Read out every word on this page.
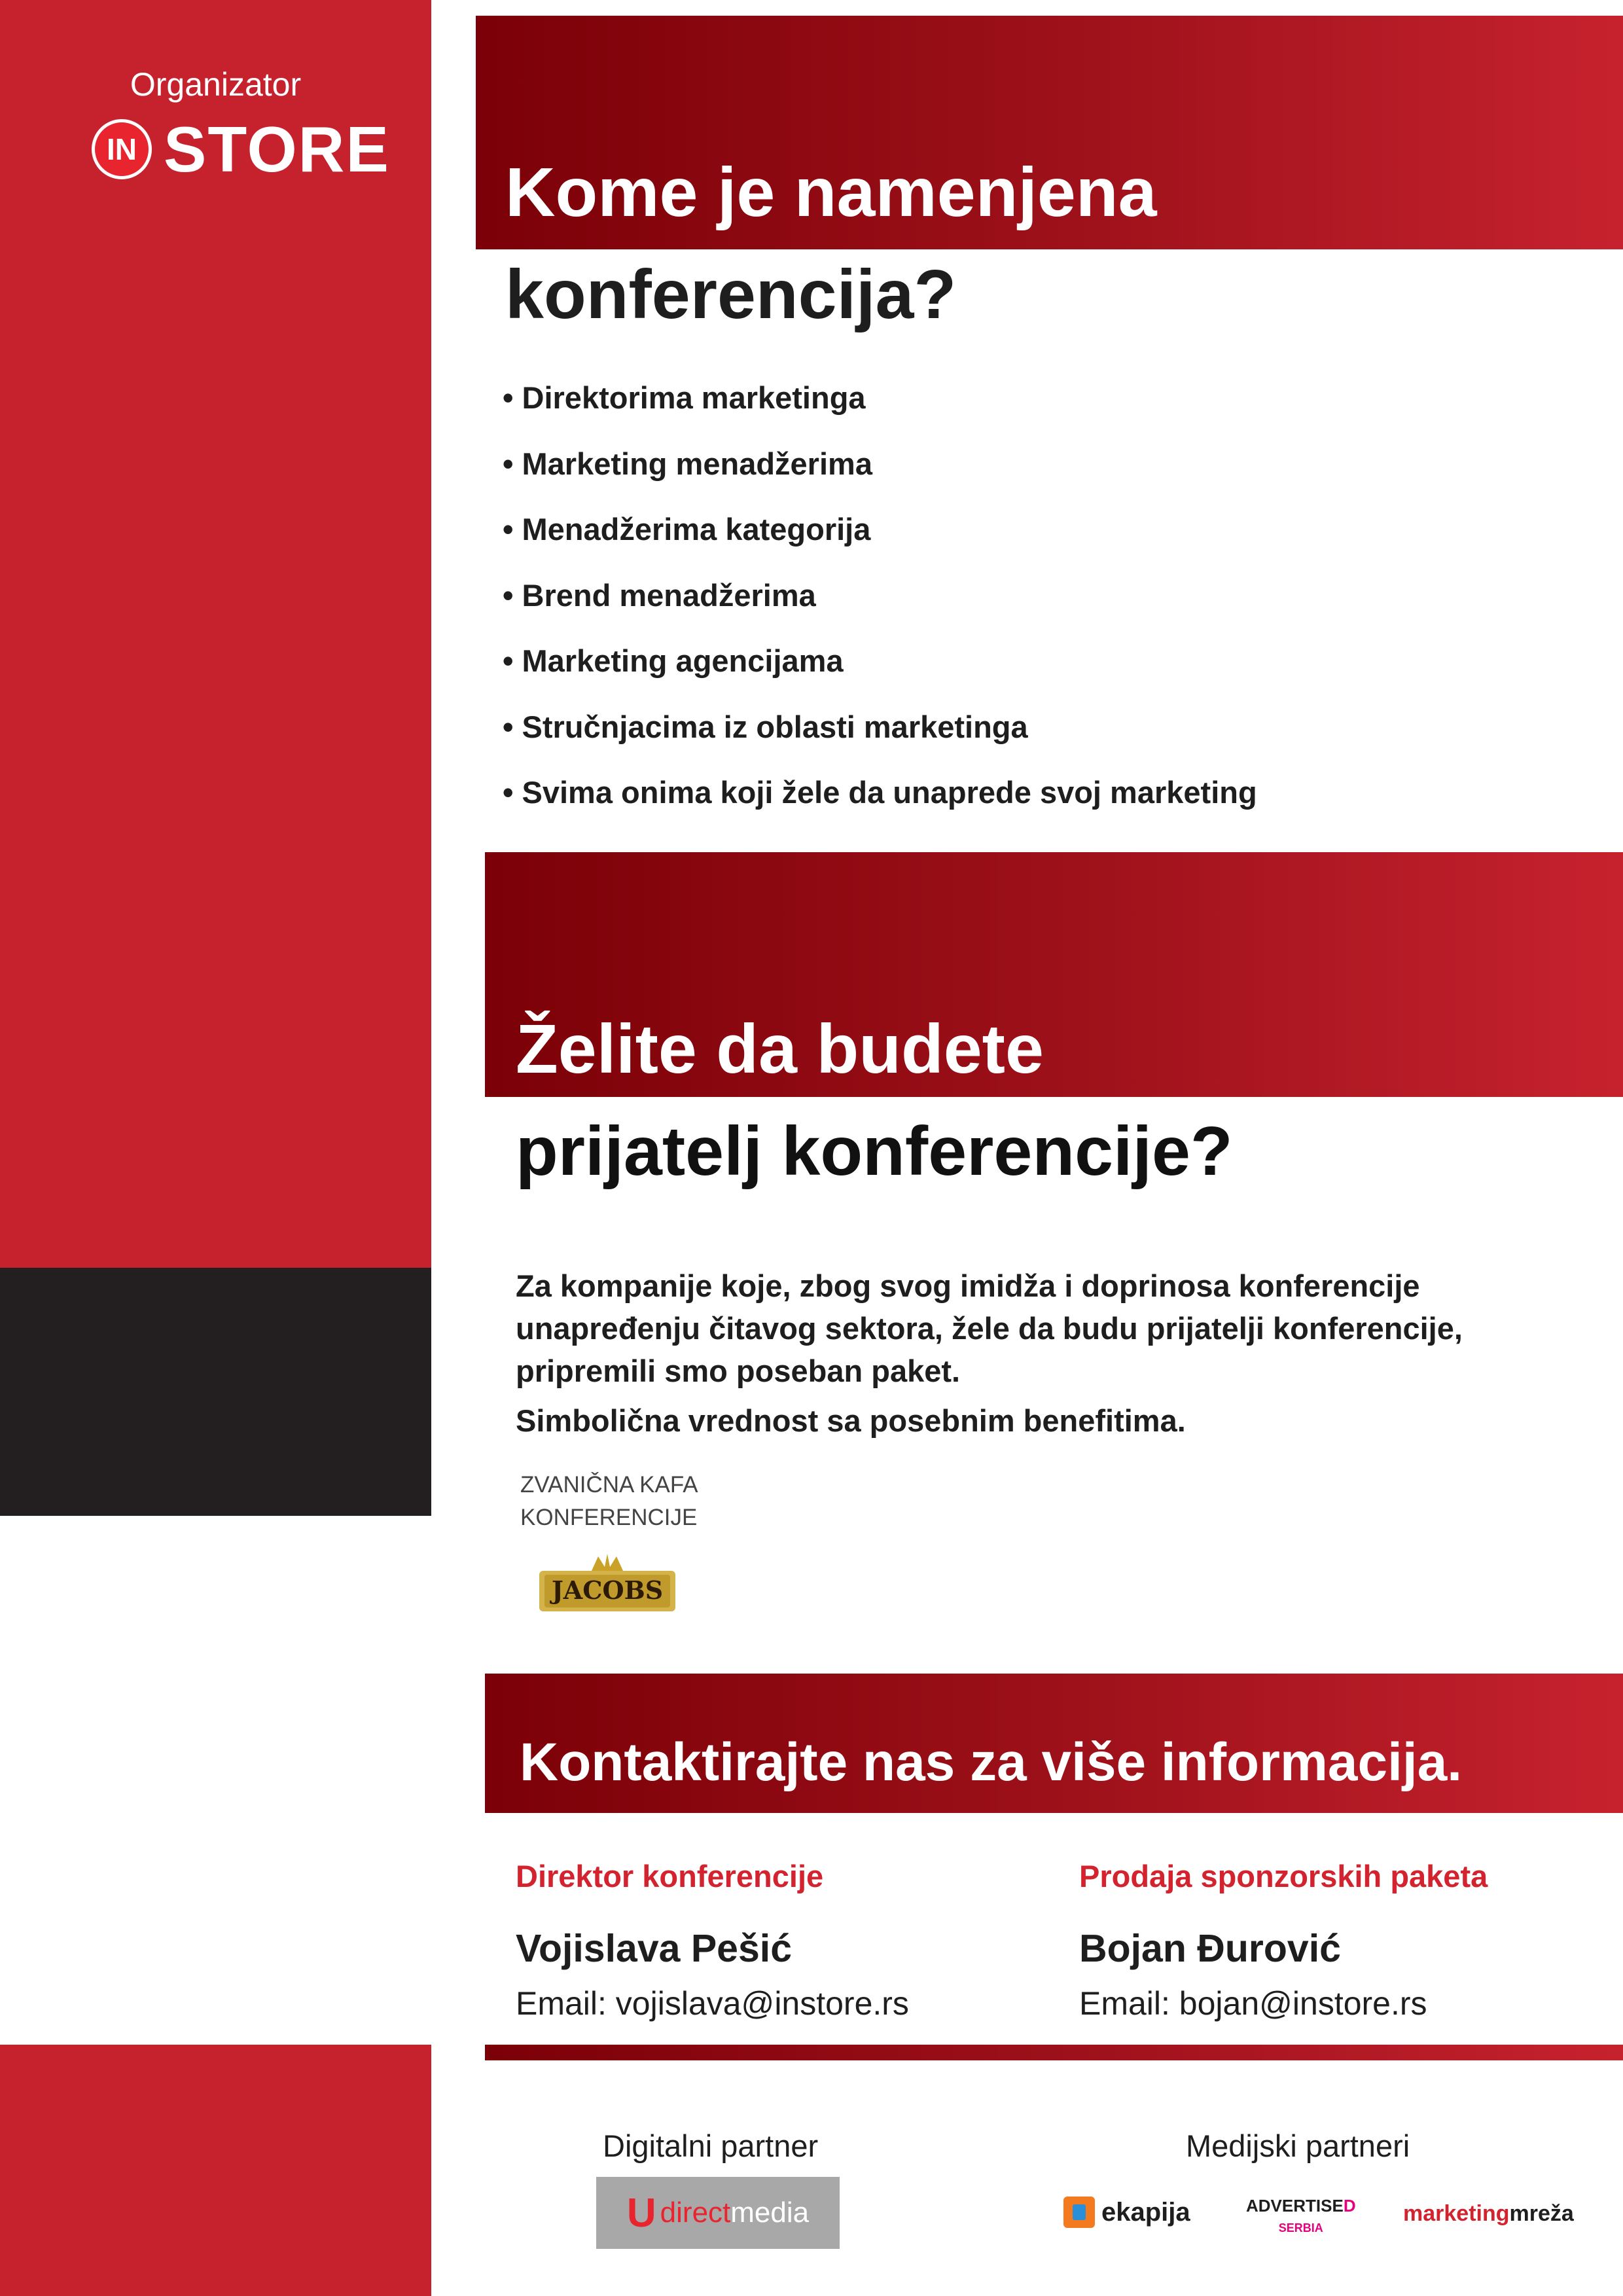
Organizator
IN STORE
Kome je namenjena
konferencija?
• Direktorima marketinga
• Marketing menadžerima
• Menadžerima kategorija
• Brend menadžerima
• Marketing agencijama
• Stručnjacima iz oblasti marketinga
• Svima onima koji žele da unaprede svoj marketing
Želite da budete
prijatelj konferencije?
Za kompanije koje, zbog svog imidža i doprinosa konferencije unapređenju čitavog sektora, žele da budu prijatelji konferencije, pripremili smo poseban paket.
Simbolična vrednost sa posebnim benefitima.
ZVANIČNA KAFA KONFERENCIJE
JACOBS
Kontaktirajte nas za više informacija.
Direktor konferencije
Vojislava Pešić
Email: vojislava@instore.rs
Prodaja sponzorskih paketa
Bojan Đurović
Email: bojan@instore.rs
Digitalni partner	Medijski partneri
U directmedia	ekapija	ADVERTISED
SERBIA
marketingmreža
